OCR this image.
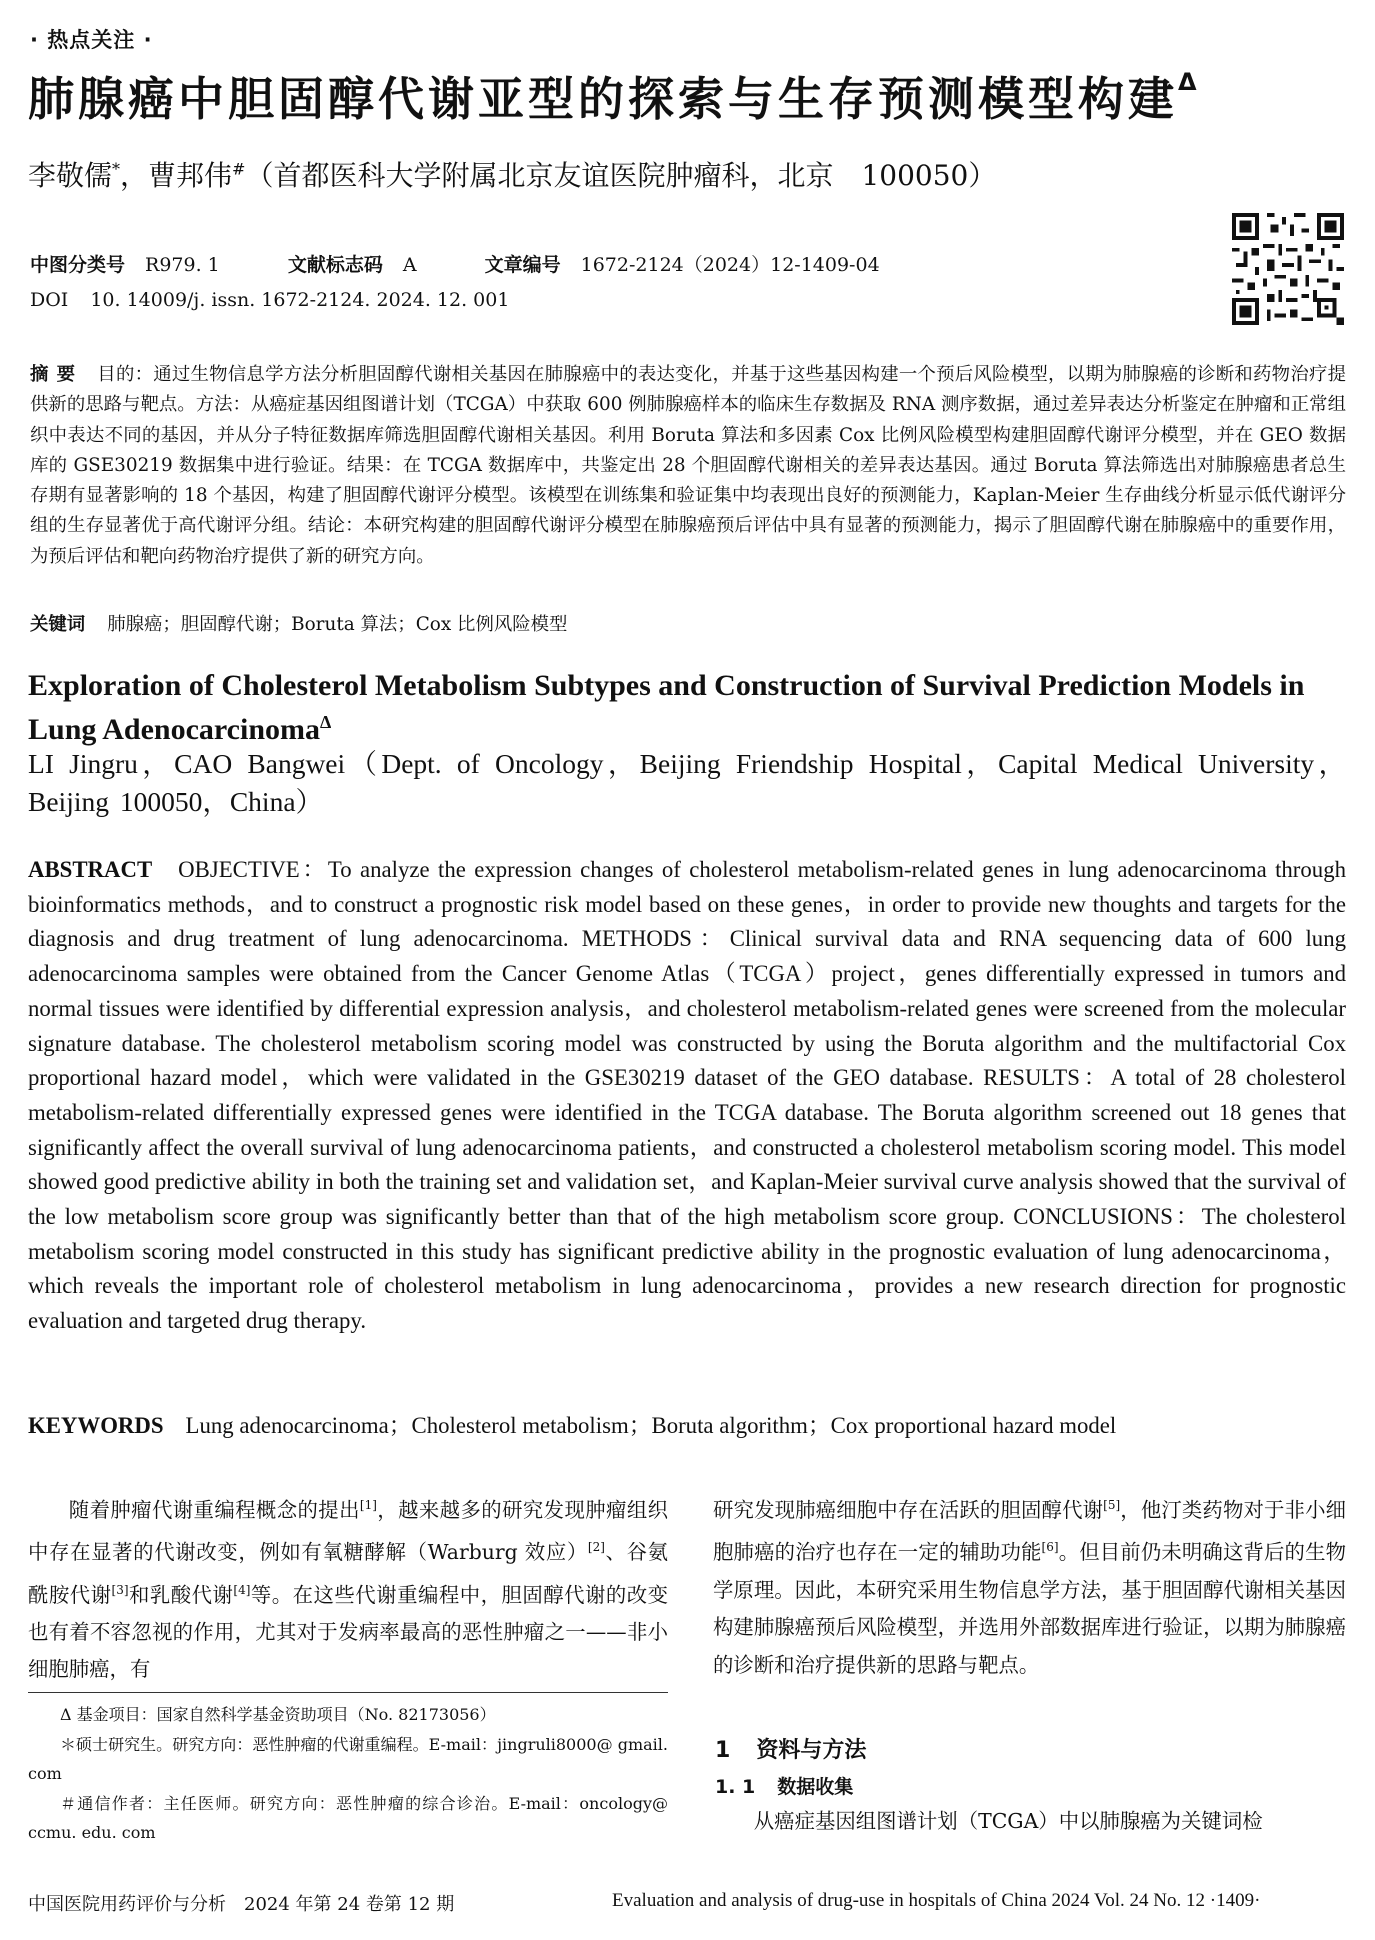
· 热点关注 ·
肺腺癌中胆固醇代谢亚型的探索与生存预测模型构建$^\Delta$
李敬儒*，曹邦伟#（首都医科大学附属北京友谊医院肿瘤科，北京　100050）
中图分类号 R979. 1	文献标志码 A	文章编号 1672-2124（2024）12-1409-04
DOI 10. 14009/j. issn. 1672-2124. 2024. 12. 001
摘要 目的：通过生物信息学方法分析胆固醇代谢相关基因在肺腺癌中的表达变化，并基于这些基因构建一个预后风险模型，以期为肺腺癌的诊断和药物治疗提供新的思路与靶点。方法：从癌症基因组图谱计划（TCGA）中获取 600 例肺腺癌样本的临床生存数据及 RNA 测序数据，通过差异表达分析鉴定在肿瘤和正常组织中表达不同的基因，并从分子特征数据库筛选胆固醇代谢相关基因。利用 Boruta 算法和多因素 Cox 比例风险模型构建胆固醇代谢评分模型，并在 GEO 数据库的 GSE30219 数据集中进行验证。结果：在 TCGA 数据库中，共鉴定出 28 个胆固醇代谢相关的差异表达基因。通过 Boruta 算法筛选出对肺腺癌患者总生存期有显著影响的 18 个基因，构建了胆固醇代谢评分模型。该模型在训练集和验证集中均表现出良好的预测能力，Kaplan-Meier 生存曲线分析显示低代谢评分组的生存显著优于高代谢评分组。结论：本研究构建的胆固醇代谢评分模型在肺腺癌预后评估中具有显著的预测能力，揭示了胆固醇代谢在肺腺癌中的重要作用，为预后评估和靶向药物治疗提供了新的研究方向。
关键词 肺腺癌；胆固醇代谢；Boruta 算法；Cox 比例风险模型
Exploration of Cholesterol Metabolism Subtypes and Construction of Survival Prediction Models in Lung Adenocarcinoma$^\Delta$
LI Jingru，CAO Bangwei（Dept. of Oncology，Beijing Friendship Hospital，Capital Medical University，Beijing 100050，China）
ABSTRACT OBJECTIVE：To analyze the expression changes of cholesterol metabolism-related genes in lung adenocarcinoma through bioinformatics methods，and to construct a prognostic risk model based on these genes，in order to provide new thoughts and targets for the diagnosis and drug treatment of lung adenocarcinoma. METHODS：Clinical survival data and RNA sequencing data of 600 lung adenocarcinoma samples were obtained from the Cancer Genome Atlas（TCGA）project，genes differentially expressed in tumors and normal tissues were identified by differential expression analysis，and cholesterol metabolism-related genes were screened from the molecular signature database. The cholesterol metabolism scoring model was constructed by using the Boruta algorithm and the multifactorial Cox proportional hazard model，which were validated in the GSE30219 dataset of the GEO database. RESULTS：A total of 28 cholesterol metabolism-related differentially expressed genes were identified in the TCGA database. The Boruta algorithm screened out 18 genes that significantly affect the overall survival of lung adenocarcinoma patients，and constructed a cholesterol metabolism scoring model. This model showed good predictive ability in both the training set and validation set，and Kaplan-Meier survival curve analysis showed that the survival of the low metabolism score group was significantly better than that of the high metabolism score group. CONCLUSIONS：The cholesterol metabolism scoring model constructed in this study has significant predictive ability in the prognostic evaluation of lung adenocarcinoma，which reveals the important role of cholesterol metabolism in lung adenocarcinoma，provides a new research direction for prognostic evaluation and targeted drug therapy.
KEYWORDS Lung adenocarcinoma；Cholesterol metabolism；Boruta algorithm；Cox proportional hazard model
随着肿瘤代谢重编程概念的提出[1]，越来越多的研究发现肿瘤组织中存在显著的代谢改变，例如有氧糖酵解（Warburg 效应）[2]、谷氨酰胺代谢[3]和乳酸代谢[4]等。在这些代谢重编程中，胆固醇代谢的改变也有着不容忽视的作用，尤其对于发病率最高的恶性肿瘤之一——非小细胞肺癌，有

Δ 基金项目：国家自然科学基金资助项目（No. 82173056）

＊硕士研究生。研究方向：恶性肿瘤的代谢重编程。E-mail：jingruli8000@ gmail. com

＃通信作者：主任医师。研究方向：恶性肿瘤的综合诊治。E-mail：oncology@ ccmu. edu. com

研究发现肺癌细胞中存在活跃的胆固醇代谢[5]，他汀类药物对于非小细胞肺癌的治疗也存在一定的辅助功能[6]。但目前仍未明确这背后的生物学原理。因此，本研究采用生物信息学方法，基于胆固醇代谢相关基因构建肺腺癌预后风险模型，并选用外部数据库进行验证，以期为肺腺癌的诊断和治疗提供新的思路与靶点。
1 资料与方法
1. 1 数据收集
从癌症基因组图谱计划（TCGA）中以肺腺癌为关键词检
中国医院用药评价与分析　2024 年第 24 卷第 12 期	Evaluation and analysis of drug-use in hospitals of China 2024 Vol. 24 No. 12 ·1409·
